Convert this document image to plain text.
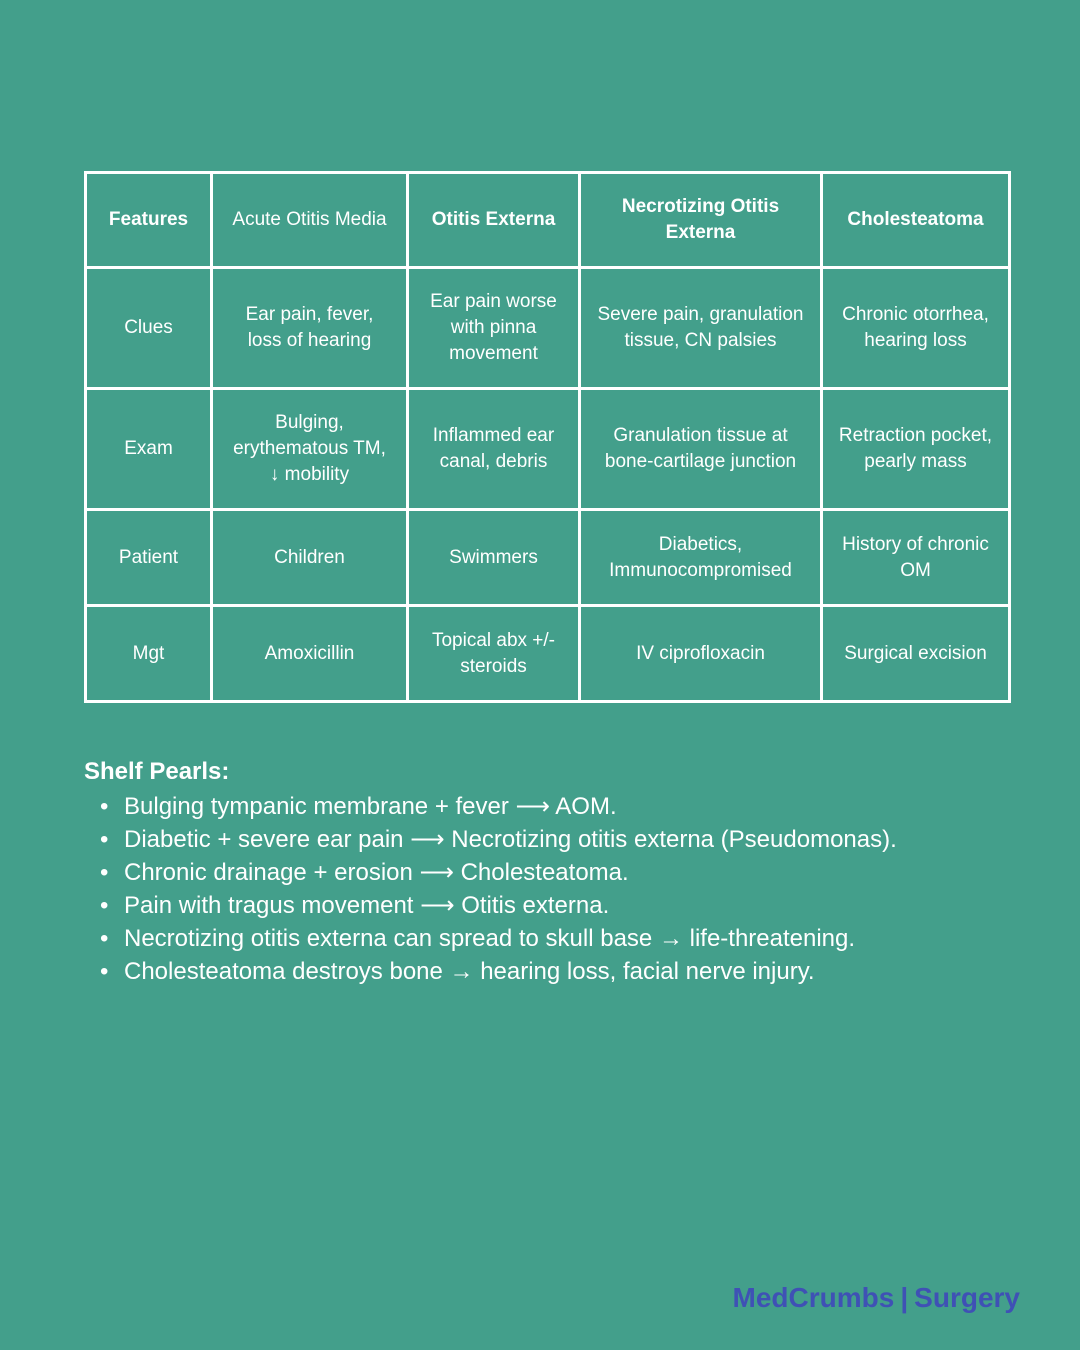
Features	Acute Otitis Media	Otitis Externa	Necrotizing Otitis Externa	Cholesteatoma
Clues	Ear pain, fever, loss of hearing	Ear pain worse with pinna movement	Severe pain, granulation tissue, CN palsies	Chronic otorrhea, hearing loss
Exam	Bulging, erythematous TM, ↓ mobility	Inflammed ear canal, debris	Granulation tissue at bone-cartilage junction	Retraction pocket, pearly mass
Patient	Children	Swimmers	Diabetics, Immunocompromised	History of chronic OM
Mgt	Amoxicillin	Topical abx +/- steroids	IV ciprofloxacin	Surgical excision
Shelf Pearls:
• Bulging tympanic membrane + fever ⟶ AOM.
• Diabetic + severe ear pain ⟶ Necrotizing otitis externa (Pseudomonas).
• Chronic drainage + erosion ⟶ Cholesteatoma.
• Pain with tragus movement ⟶ Otitis externa.
• Necrotizing otitis externa can spread to skull base → life-threatening.
• Cholesteatoma destroys bone → hearing loss, facial nerve injury.
MedCrumbs | Surgery
